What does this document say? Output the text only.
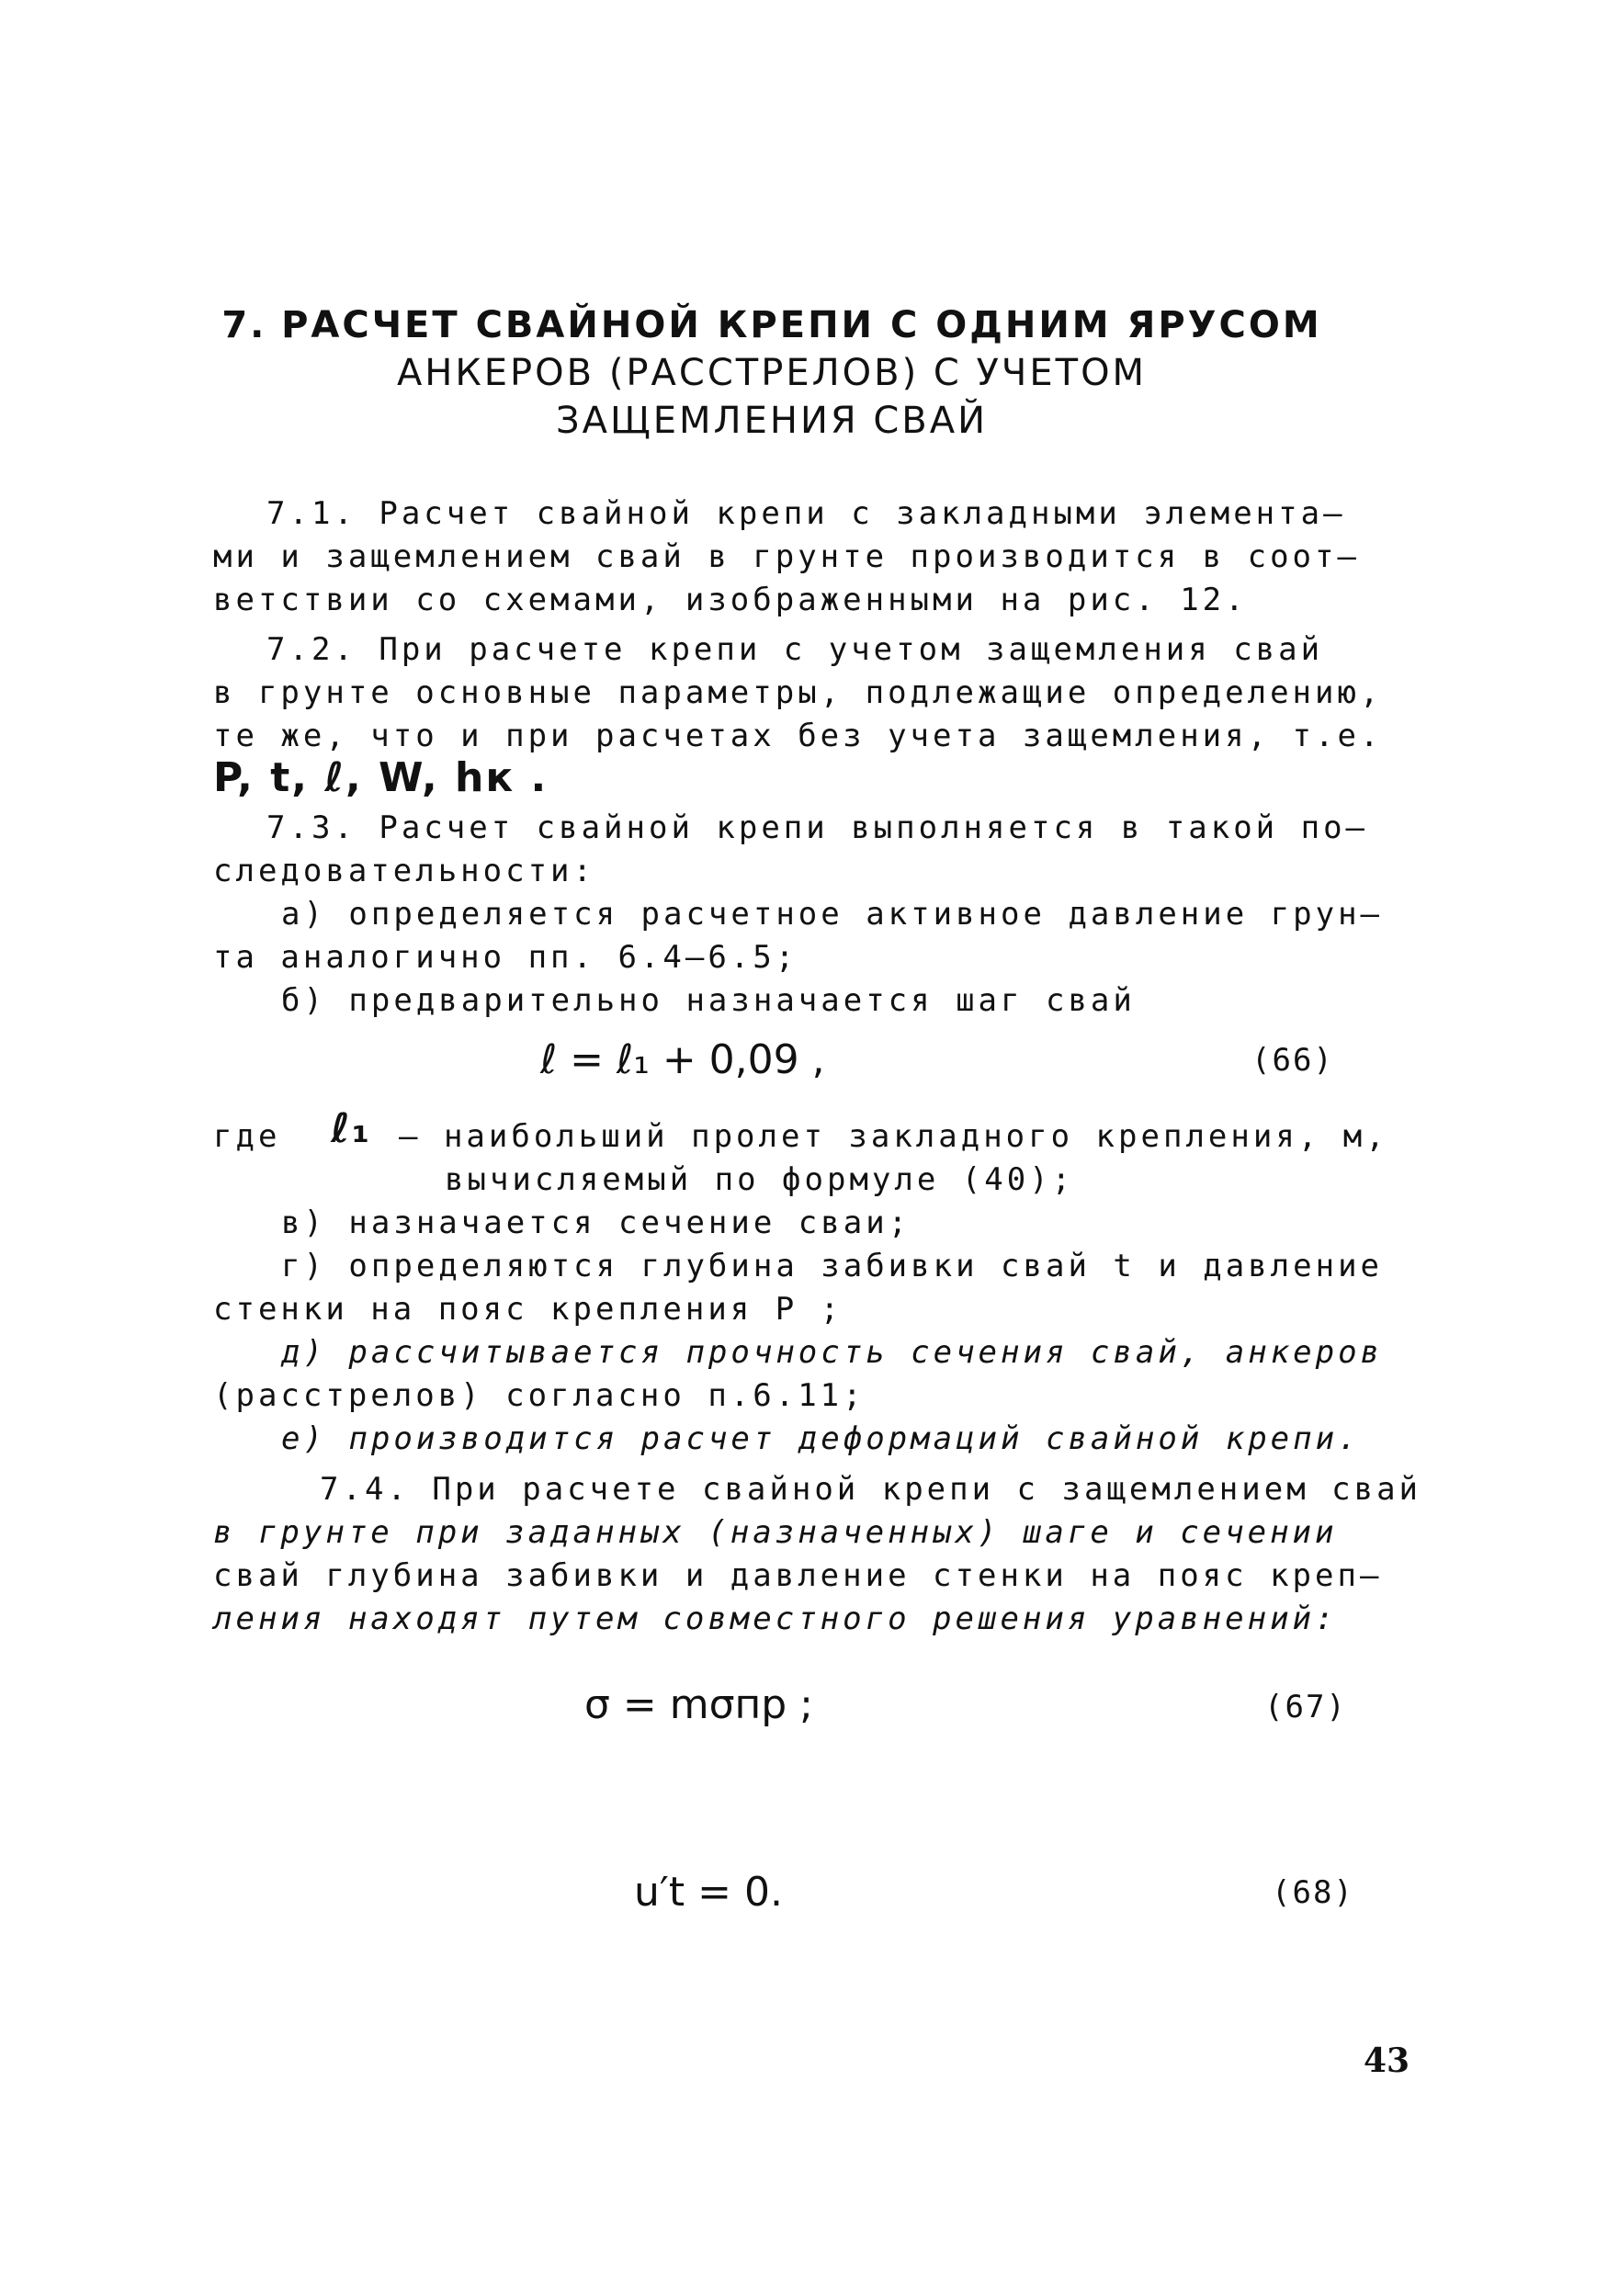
7. РАСЧЕТ СВАЙНОЙ КРЕПИ С ОДНИМ ЯРУСОМ
АНКЕРОВ (РАССТРЕЛОВ) С УЧЕТОМ
ЗАЩЕМЛЕНИЯ СВАЙ
7.1. Расчет свайной крепи с закладными элемента–
ми и защемлением свай в грунте производится в соот–
ветствии со схемами, изображенными на рис. 12.
7.2. При расчете крепи с учетом защемления свай
в грунте основные параметры, подлежащие определению,
те же, что и при расчетах без учета защемления, т.е.
P, t, ℓ, W, hк .
7.3. Расчет свайной крепи выполняется в такой по–
следовательности:
а) определяется расчетное активное давление грун–
та аналогично пп. 6.4–6.5;
б) предварительно назначается шаг свай
ℓ = ℓ₁ + 0,09 ,	(66)
где ℓ₁ – наибольший пролет закладного крепления, м,
вычисляемый по формуле (40);
в) назначается сечение сваи;
г) определяются глубина забивки свай t и давление
стенки на пояс крепления P ;
д) рассчитывается прочность сечения свай, анкеров
(расстрелов) согласно п.6.11;
е) производится расчет деформаций свайной крепи.
7.4. При расчете свайной крепи с защемлением свай
в грунте при заданных (назначенных) шаге и сечении
свай глубина забивки и давление стенки на пояс креп–
ления находят путем совместного решения уравнений:
σ = mσпр ;	(67)
u′t = 0.	(68)
43
